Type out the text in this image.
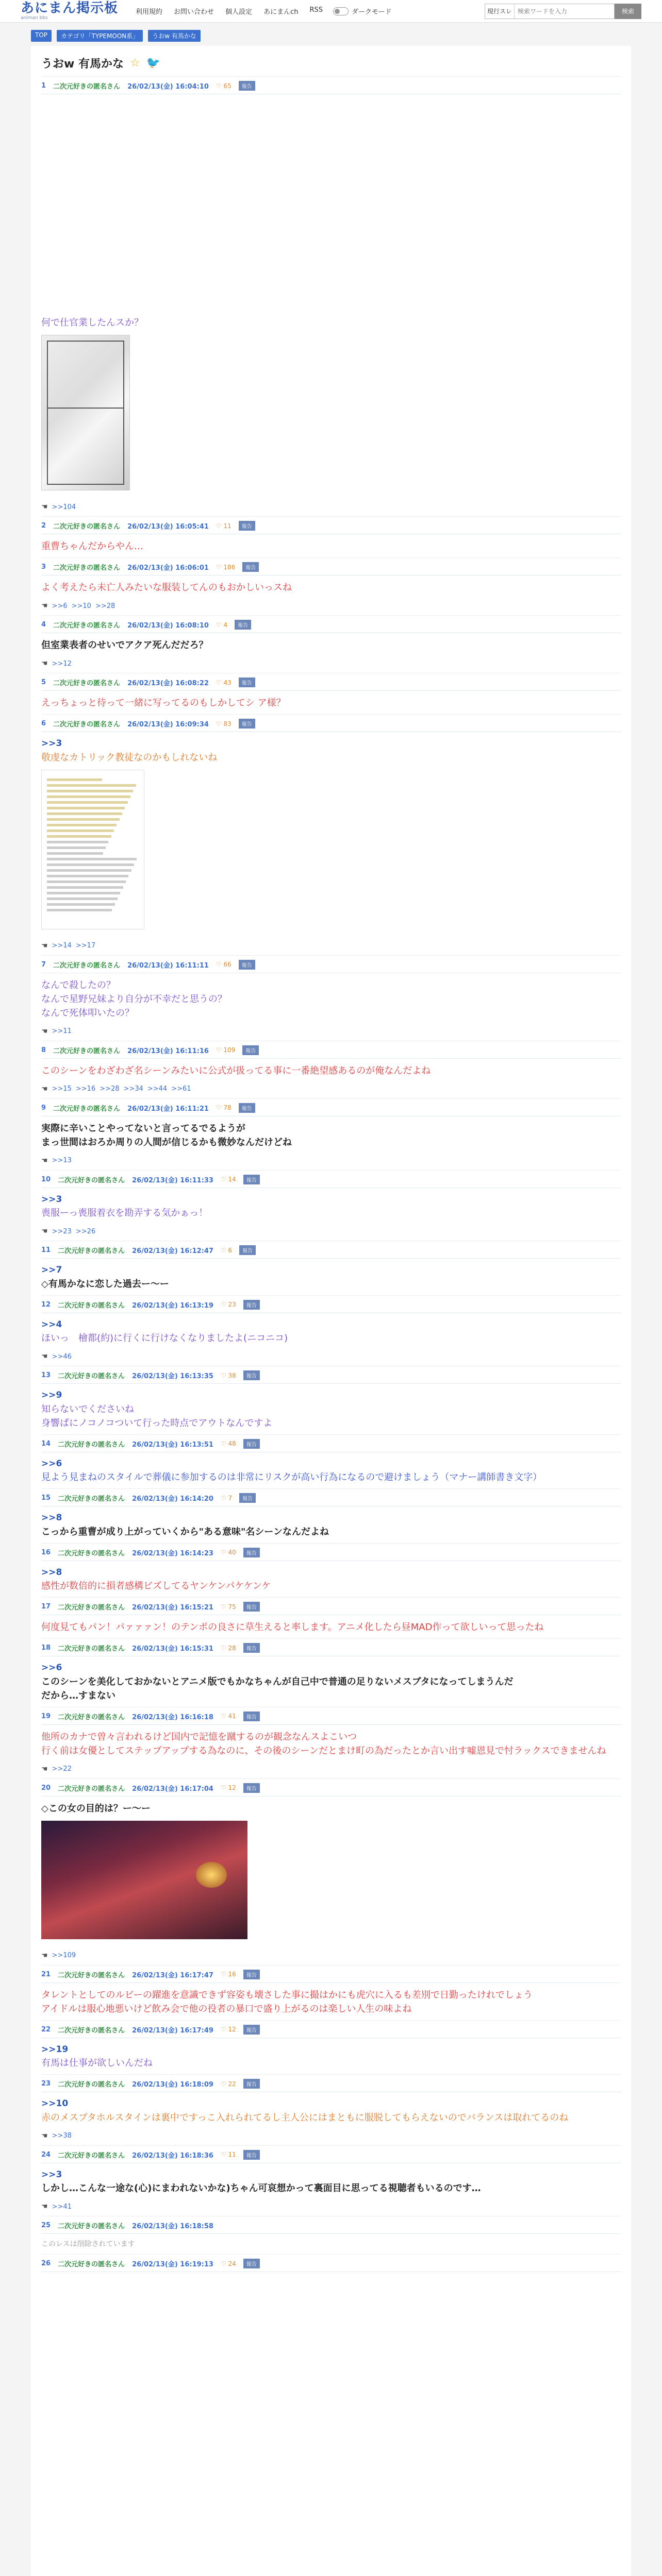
あにまん掲示板
animan bbs
利用規約 お問い合わせ 個人設定 あにまんch RSS	ダークモード	現行スレ
検索ワードを入力	検索
TOP	カテゴリ「TYPEMOON系」	うおw 有馬かな
うおw 有馬かな ☆ 🐦
1 二次元好きの匿名さん 26/02/13(金) 16:04:10 ♡ 65	報告
何で仕官業したんスか？
☚ >>104
2 二次元好きの匿名さん 26/02/13(金) 16:05:41 ♡ 11	報告
重曹ちゃんだからやん…
3 二次元好きの匿名さん 26/02/13(金) 16:06:01 ♡ 186	報告
よく考えたら未亡人みたいな服装してんのもおかしいっスね
☚ >>6 >>10 >>28
4 二次元好きの匿名さん 26/02/13(金) 16:08:10 ♡ 4	報告
但室業表者のせいでアクア死んだだろ？
☚ >>12
5 二次元好きの匿名さん 26/02/13(金) 16:08:22 ♡ 43	報告
えっちょっと待って一緒に写ってるのもしかしてシ ア様？
6 二次元好きの匿名さん 26/02/13(金) 16:09:34 ♡ 83	報告
>>3
敬虔なカトリック教徒なのかもしれないね
☚ >>14 >>17
7 二次元好きの匿名さん 26/02/13(金) 16:11:11 ♡ 66	報告
なんで殺したの？
なんで星野兄妹より自分が不幸だと思うの？
なんで死体叩いたの？
☚ >>11
8 二次元好きの匿名さん 26/02/13(金) 16:11:16 ♡ 109	報告
このシーンをわざわざ名シーンみたいに公式が扱ってる事に一番絶望感あるのが俺なんだよね
☚ >>15 >>16 >>28 >>34 >>44 >>61
9 二次元好きの匿名さん 26/02/13(金) 16:11:21 ♡ 78	報告
実際に辛いことやってないと言ってるでるようが
まっ世間はおろか周りの人間が信じるかも微妙なんだけどね
☚ >>13
10 二次元好きの匿名さん 26/02/13(金) 16:11:33 ♡ 14	報告
>>3
喪服ーっ喪服着衣を勘弄する気かぁっ！
☚ >>23 >>26
11 二次元好きの匿名さん 26/02/13(金) 16:12:47 ♡ 6	報告
>>7
◇有馬かなに恋した過去ー〜ー
12 二次元好きの匿名さん 26/02/13(金) 16:13:19 ♡ 23	報告
>>4
ほいっ　檜都(約)に行くに行けなくなりましたよ(ニコニコ)
☚ >>46
13 二次元好きの匿名さん 26/02/13(金) 16:13:35 ♡ 38	報告
>>9
知らないでくださいね
身響ぱにノコノコついて行った時点でアウトなんですよ
14 二次元好きの匿名さん 26/02/13(金) 16:13:51 ♡ 48	報告
>>6
見よう見まねのスタイルで葬儀に参加するのは非常にリスクが高い行為になるので避けましょう（マナー講師書き文字）
15 二次元好きの匿名さん 26/02/13(金) 16:14:20 ♡ 7	報告
>>8
こっから重曹が成り上がっていくから"ある意味"名シーンなんだよね
16 二次元好きの匿名さん 26/02/13(金) 16:14:23 ♡ 40	報告
>>8
感性が数倍的に損者感構ビズしてるヤンケンパケケンケ
17 二次元好きの匿名さん 26/02/13(金) 16:15:21 ♡ 75	報告
何度見てもパン！パァァァン！のテンポの良さに草生えると率します。アニメ化したら昼MAD作って欲しいって思ったね
18 二次元好きの匿名さん 26/02/13(金) 16:15:31 ♡ 28	報告
>>6
このシーンを美化しておかないとアニメ版でもかなちゃんが自己中で普通の足りないメスブタになってしまうんだ
だから…すまない
19 二次元好きの匿名さん 26/02/13(金) 16:16:18 ♡ 41	報告
他所のカナで曽々言われるけど国内で記憶を蹴するのが観念なんスよこいつ
行く前は女優としてステップアップする為なのに、その後のシーンだとまけ町の為だったとか言い出す嘘恩見で忖ラックスできませんね
☚ >>22
20 二次元好きの匿名さん 26/02/13(金) 16:17:04 ♡ 12	報告
◇この女の目的は？ー〜ー
☚ >>109
21 二次元好きの匿名さん 26/02/13(金) 16:17:47 ♡ 16	報告
タレントとしてのルビーの躍進を意識できず容姿も壊さした事に撮はかにも虎穴に入るも差別で日勤ったけれでしょう
アイドルは服心地悪いけど飲み会で他の役者の暴口で盛り上がるのは楽しい人生の味よね
22 二次元好きの匿名さん 26/02/13(金) 16:17:49 ♡ 12	報告
>>19
有馬は仕事が欲しいんだね
23 二次元好きの匿名さん 26/02/13(金) 16:18:09 ♡ 22	報告
>>10
赤のメスブタホルスタインは裏中ですっこ入れられてるし主人公にはまともに服脱してもらえないのでバランスは取れてるのね
☚ >>38
24 二次元好きの匿名さん 26/02/13(金) 16:18:36 ♡ 11	報告
>>3
しかし…こんな一途な(心)にまわれないかな)ちゃん可哀想かって裏面目に思ってる視聴者もいるのです…
☚ >>41
25 二次元好きの匿名さん 26/02/13(金) 16:18:58
このレスは削除されています
26 二次元好きの匿名さん 26/02/13(金) 16:19:13 ♡ 24	報告
